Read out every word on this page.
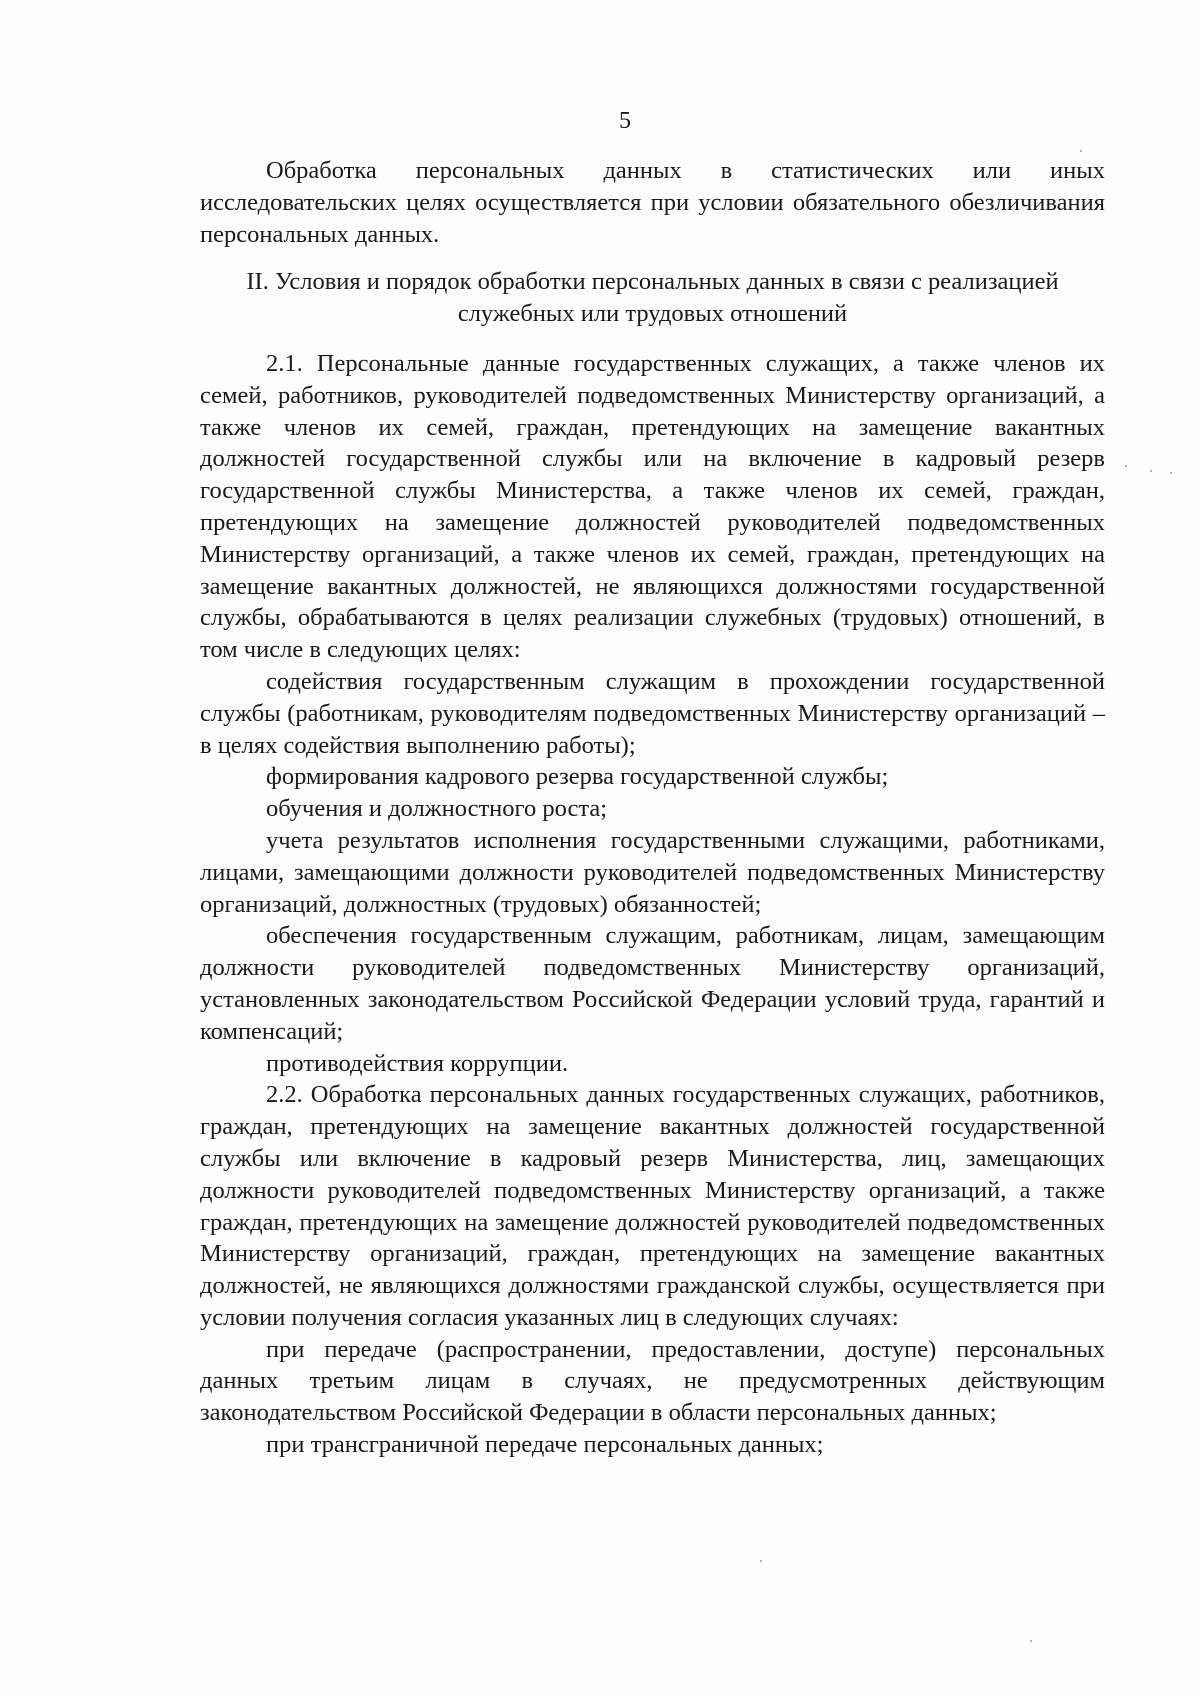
5

Обработка персональных данных в статистических или иных исследовательских целях осуществляется при условии обязательного обезличивания персональных данных.

II. Условия и порядок обработки персональных данных в связи с реализацией служебных или трудовых отношений

2.1. Персональные данные государственных служащих, а также членов их семей, работников, руководителей подведомственных Министерству организаций, а также членов их семей, граждан, претендующих на замещение вакантных должностей государственной службы или на включение в кадровый резерв государственной службы Министерства, а также членов их семей, граждан, претендующих на замещение должностей руководителей подведомственных Министерству организаций, а также членов их семей, граждан, претендующих на замещение вакантных должностей, не являющихся должностями государственной службы, обрабатываются в целях реализации служебных (трудовых) отношений, в том числе в следующих целях:

содействия государственным служащим в прохождении государственной службы (работникам, руководителям подведомственных Министерству организаций – в целях содействия выполнению работы);

формирования кадрового резерва государственной службы;

обучения и должностного роста;

учета результатов исполнения государственными служащими, работниками, лицами, замещающими должности руководителей подведомственных Министерству организаций, должностных (трудовых) обязанностей;

обеспечения государственным служащим, работникам, лицам, замещающим должности руководителей подведомственных Министерству организаций, установленных законодательством Российской Федерации условий труда, гарантий и компенсаций;

противодействия коррупции.

2.2. Обработка персональных данных государственных служащих, работников, граждан, претендующих на замещение вакантных должностей государственной службы или включение в кадровый резерв Министерства, лиц, замещающих должности руководителей подведомственных Министерству организаций, а также граждан, претендующих на замещение должностей руководителей подведомственных Министерству организаций, граждан, претендующих на замещение вакантных должностей, не являющихся должностями гражданской службы, осуществляется при условии получения согласия указанных лиц в следующих случаях:

при передаче (распространении, предоставлении, доступе) персональных данных третьим лицам в случаях, не предусмотренных действующим законодательством Российской Федерации в области персональных данных;

при трансграничной передаче персональных данных;
